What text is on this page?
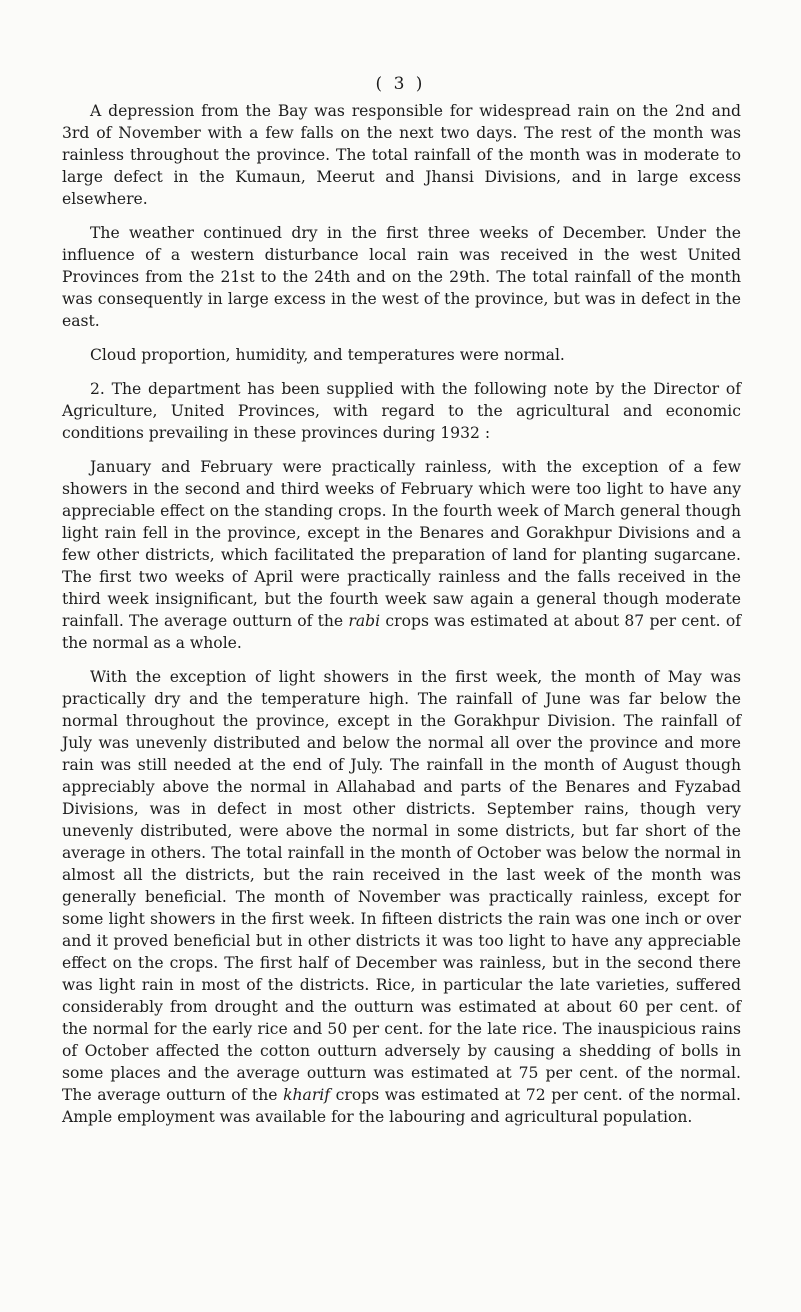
( 3 )

A depression from the Bay was responsible for widespread rain on the 2nd and 3rd of November with a few falls on the next two days. The rest of the month was rainless throughout the province. The total rainfall of the month was in moderate to large defect in the Kumaun, Meerut and Jhansi Divisions, and in large excess elsewhere.

The weather continued dry in the first three weeks of December. Under the influence of a western disturbance local rain was received in the west United Provinces from the 21st to the 24th and on the 29th. The total rainfall of the month was consequently in large excess in the west of the province, but was in defect in the east.

Cloud proportion, humidity, and temperatures were normal.

2. The department has been supplied with the following note by the Director of Agriculture, United Provinces, with regard to the agricultural and economic conditions prevailing in these provinces during 1932 :

January and February were practically rainless, with the exception of a few showers in the second and third weeks of February which were too light to have any appreciable effect on the standing crops. In the fourth week of March general though light rain fell in the province, except in the Benares and Gorakhpur Divisions and a few other districts, which facilitated the preparation of land for planting sugarcane. The first two weeks of April were practically rainless and the falls received in the third week insignificant, but the fourth week saw again a general though moderate rainfall. The average outturn of the rabi crops was estimated at about 87 per cent. of the normal as a whole.

With the exception of light showers in the first week, the month of May was practically dry and the temperature high. The rainfall of June was far below the normal throughout the province, except in the Gorakhpur Division. The rainfall of July was unevenly distributed and below the normal all over the province and more rain was still needed at the end of July. The rainfall in the month of August though appreciably above the normal in Allahabad and parts of the Benares and Fyzabad Divisions, was in defect in most other districts. September rains, though very unevenly distributed, were above the normal in some districts, but far short of the average in others. The total rainfall in the month of October was below the normal in almost all the districts, but the rain received in the last week of the month was generally beneficial. The month of November was practically rainless, except for some light showers in the first week. In fifteen districts the rain was one inch or over and it proved beneficial but in other districts it was too light to have any appreciable effect on the crops. The first half of December was rainless, but in the second there was light rain in most of the districts. Rice, in particular the late varieties, suffered considerably from drought and the outturn was estimated at about 60 per cent. of the normal for the early rice and 50 per cent. for the late rice. The inauspicious rains of October affected the cotton outturn adversely by causing a shedding of bolls in some places and the average outturn was estimated at 75 per cent. of the normal. The average outturn of the kharif crops was estimated at 72 per cent. of the normal. Ample employment was available for the labouring and agricultural population.
